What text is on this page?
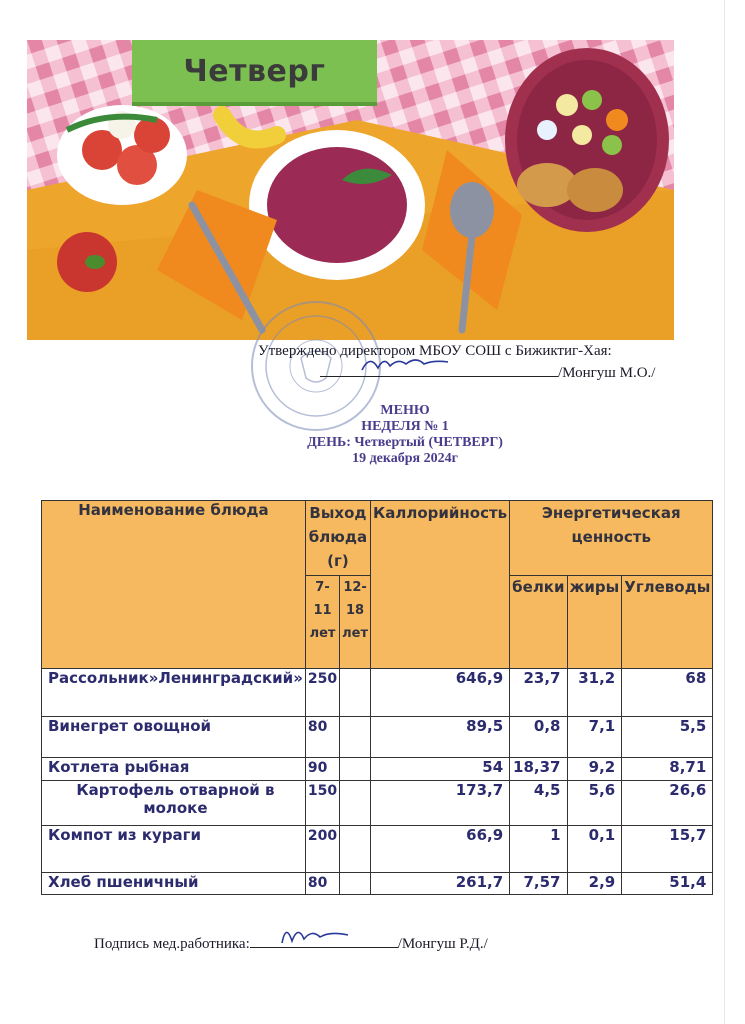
Четверг
Утверждено директором МБОУ СОШ с Бижиктиг-Хая:
/Монгуш М.О./
МЕНЮ
НЕДЕЛЯ № 1
ДЕНЬ: Четвертый (ЧЕТВЕРГ)
19 декабря 2024г
Наименование блюда	Выход блюда (г)		Каллорийность	Энергетическая ценность		
	7-11 лет	12-18 лет		белки	жиры	Углеводы
Рассольник»Ленинградский»	250		646,9	23,7	31,2	68
Винегрет овощной	80		89,5	0,8	7,1	5,5
Котлета рыбная	90		54	18,37	9,2	8,71
Картофель отварной в молоке	150		173,7	4,5	5,6	26,6
Компот из кураги	200		66,9	1	0,1	15,7
Хлеб пшеничный	80		261,7	7,57	2,9	51,4
Подпись мед.работника:	/Монгуш Р.Д./
